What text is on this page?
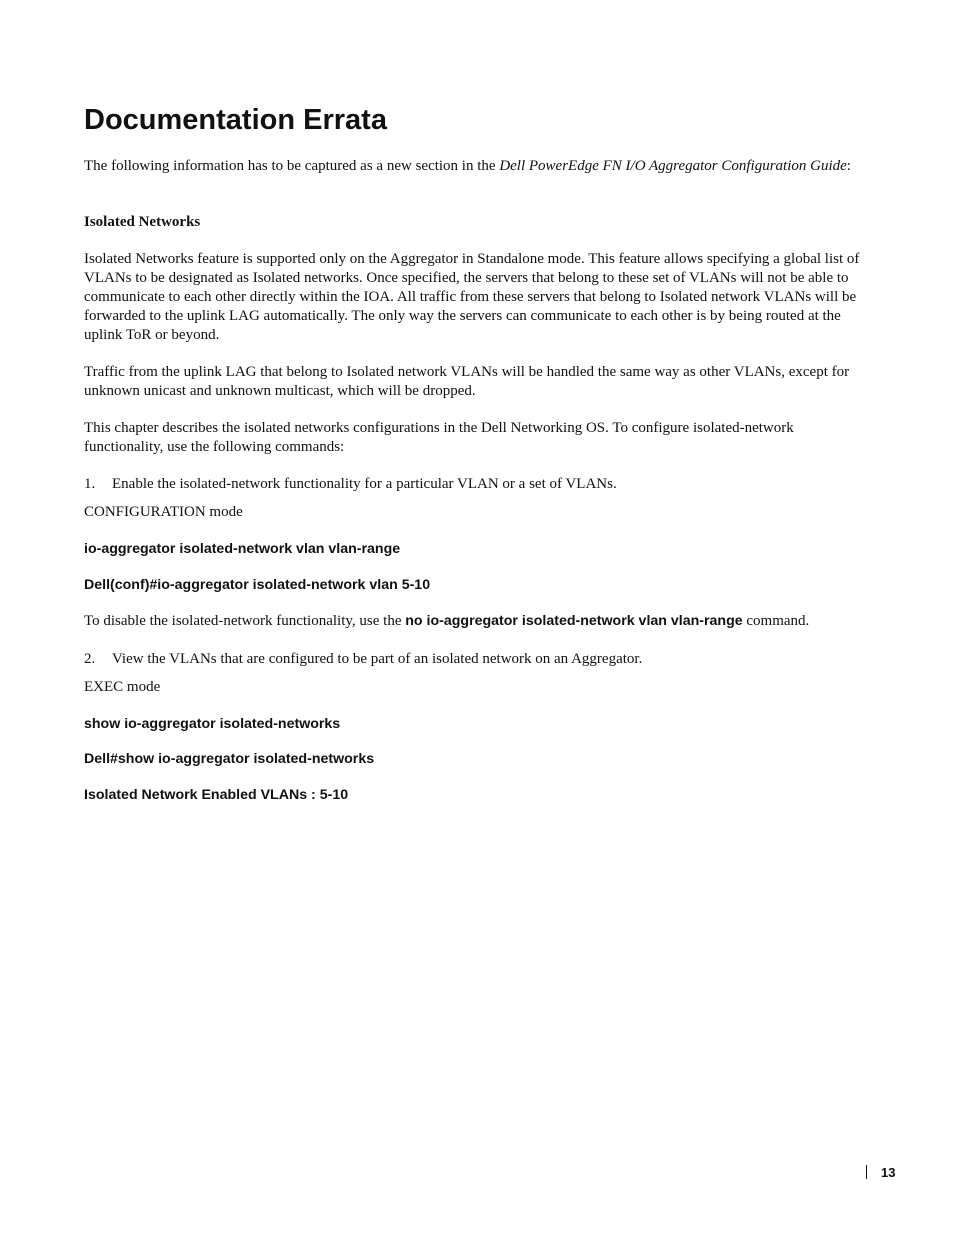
Documentation Errata

The following information has to be captured as a new section in the Dell PowerEdge FN I/O Aggregator Configuration Guide:

Isolated Networks

Isolated Networks feature is supported only on the Aggregator in Standalone mode. This feature allows specifying a global list of VLANs to be designated as Isolated networks. Once specified, the servers that belong to these set of VLANs will not be able to communicate to each other directly within the IOA. All traffic from these servers that belong to Isolated network VLANs will be forwarded to the uplink LAG automatically. The only way the servers can communicate to each other is by being routed at the uplink ToR or beyond.

Traffic from the uplink LAG that belong to Isolated network VLANs will be handled the same way as other VLANs, except for unknown unicast and unknown multicast, which will be dropped.

This chapter describes the isolated networks configurations in the Dell Networking OS. To configure isolated-network functionality, use the following commands:

1. Enable the isolated-network functionality for a particular VLAN or a set of VLANs.

CONFIGURATION mode

io-aggregator isolated-network vlan vlan-range

Dell(conf)#io-aggregator isolated-network vlan 5-10

To disable the isolated-network functionality, use the no io-aggregator isolated-network vlan vlan-range command.

2. View the VLANs that are configured to be part of an isolated network on an Aggregator.

EXEC mode

show io-aggregator isolated-networks

Dell#show io-aggregator isolated-networks

Isolated Network Enabled VLANs : 5-10

13
